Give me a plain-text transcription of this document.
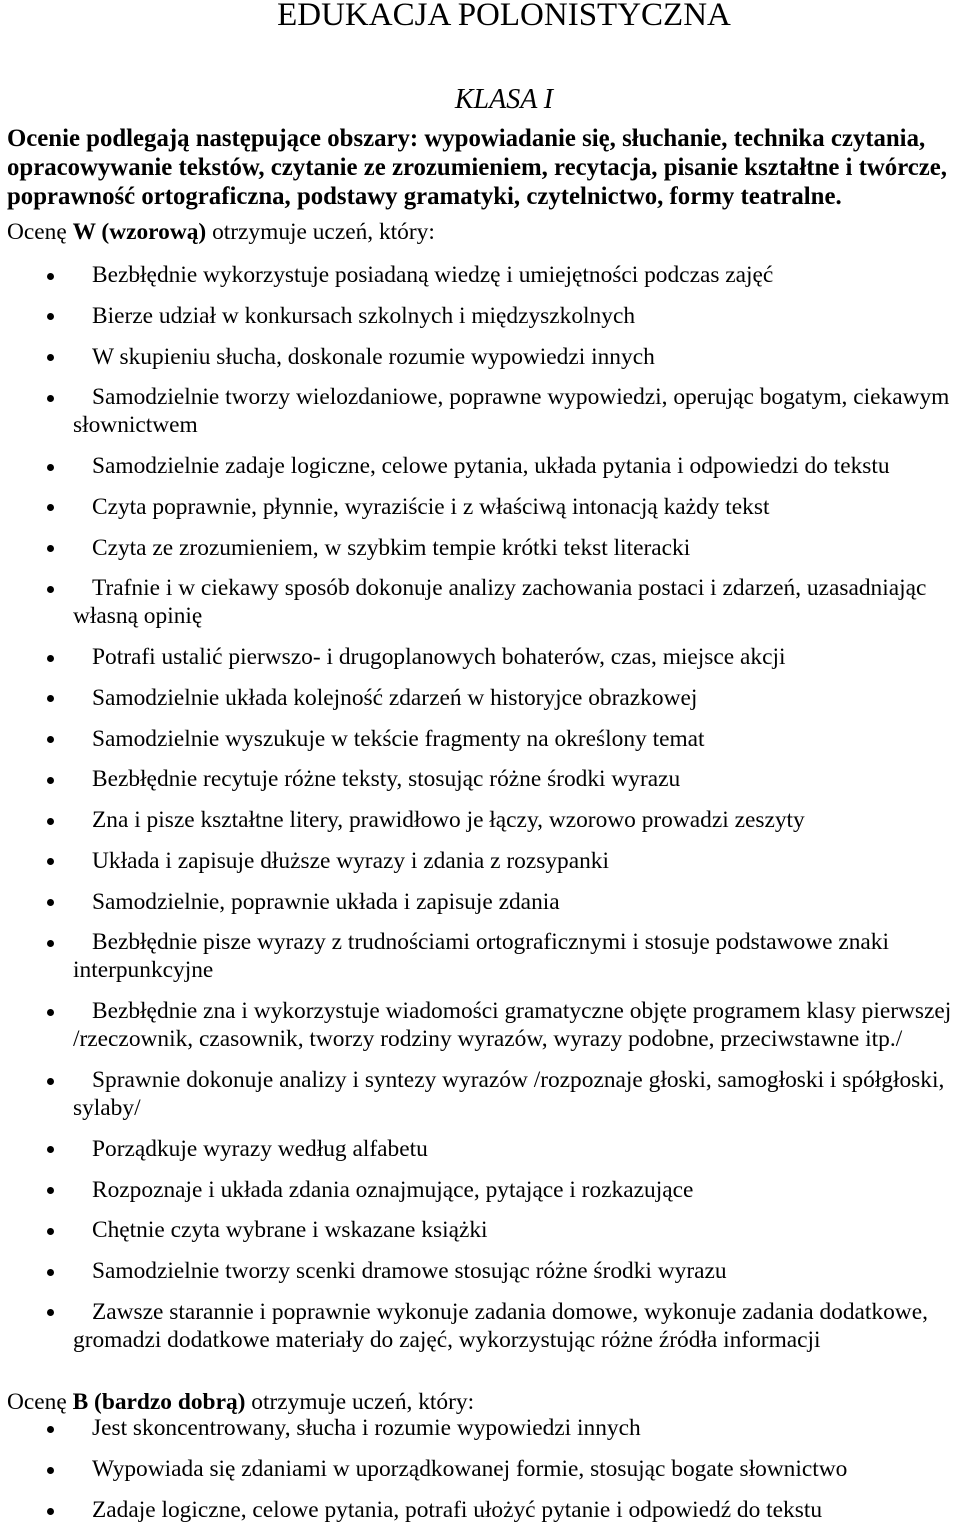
EDUKACJA POLONISTYCZNA
KLASA I
Ocenie podlegają następujące obszary: wypowiadanie się, słuchanie, technika czytania,
opracowywanie tekstów, czytanie ze zrozumieniem, recytacja, pisanie kształtne i twórcze,
poprawność ortograficzna, podstawy gramatyki, czytelnictwo, formy teatralne.
Ocenę W (wzorową) otrzymuje uczeń, który:
Bezbłędnie wykorzystuje posiadaną wiedzę i umiejętności podczas zajęć
Bierze udział w konkursach szkolnych i międzyszkolnych
W skupieniu słucha, doskonale rozumie wypowiedzi innych
Samodzielnie tworzy wielozdaniowe, poprawne wypowiedzi, operując bogatym, ciekawym
słownictwem
Samodzielnie zadaje logiczne, celowe pytania, układa pytania i odpowiedzi do tekstu
Czyta poprawnie, płynnie, wyraziście i z właściwą intonacją każdy tekst
Czyta ze zrozumieniem, w szybkim tempie krótki tekst literacki
Trafnie i w ciekawy sposób dokonuje analizy zachowania postaci i zdarzeń, uzasadniając
własną opinię
Potrafi ustalić pierwszo- i drugoplanowych bohaterów, czas, miejsce akcji
Samodzielnie układa kolejność zdarzeń w historyjce obrazkowej
Samodzielnie wyszukuje w tekście fragmenty na określony temat
Bezbłędnie recytuje różne teksty, stosując różne środki wyrazu
Zna i pisze kształtne litery, prawidłowo je łączy, wzorowo prowadzi zeszyty
Układa i zapisuje dłuższe wyrazy i zdania z rozsypanki
Samodzielnie, poprawnie układa i zapisuje zdania
Bezbłędnie pisze wyrazy z trudnościami ortograficznymi i stosuje podstawowe znaki
interpunkcyjne
Bezbłędnie zna i wykorzystuje wiadomości gramatyczne objęte programem klasy pierwszej
/rzeczownik, czasownik, tworzy rodziny wyrazów, wyrazy podobne, przeciwstawne itp./
Sprawnie dokonuje analizy i syntezy wyrazów /rozpoznaje głoski, samogłoski i spółgłoski,
sylaby/
Porządkuje wyrazy według alfabetu
Rozpoznaje i układa zdania oznajmujące, pytające i rozkazujące
Chętnie czyta wybrane i wskazane książki
Samodzielnie tworzy scenki dramowe stosując różne środki wyrazu
Zawsze starannie i poprawnie wykonuje zadania domowe, wykonuje zadania dodatkowe,
gromadzi dodatkowe materiały do zajęć, wykorzystując różne źródła informacji
Ocenę B (bardzo dobrą) otrzymuje uczeń, który:
Jest skoncentrowany, słucha i rozumie wypowiedzi innych
Wypowiada się zdaniami w uporządkowanej formie, stosując bogate słownictwo
Zadaje logiczne, celowe pytania, potrafi ułożyć pytanie i odpowiedź do tekstu
